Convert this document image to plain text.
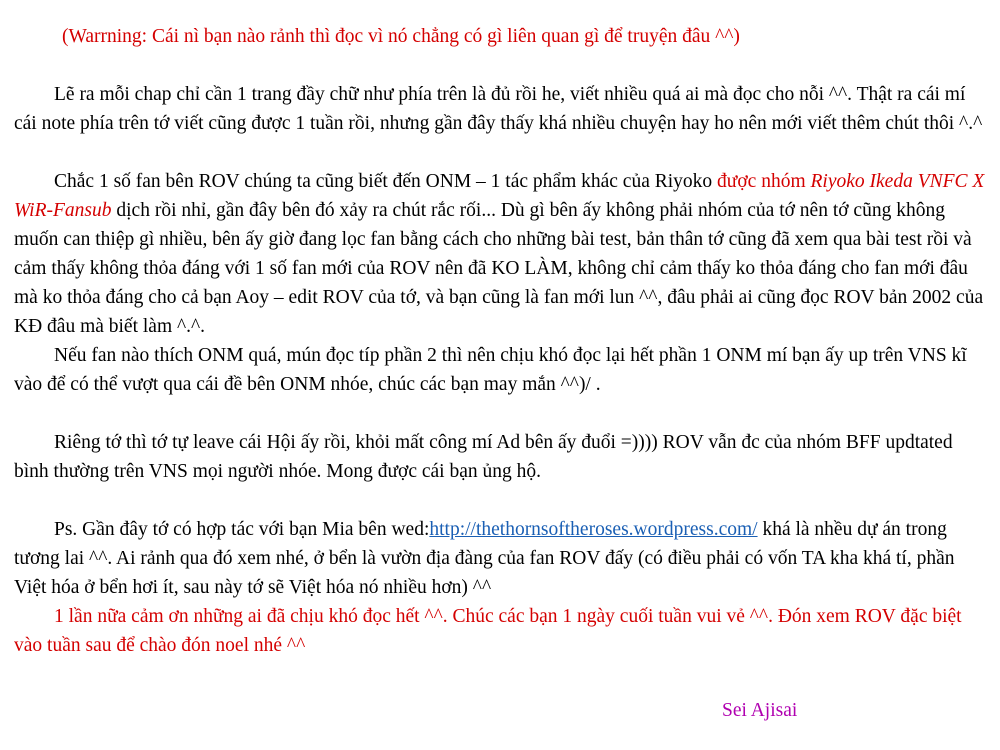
(Warrning: Cái nì bạn nào rảnh thì đọc vì nó chẳng có gì liên quan gì để truyện đâu ^^)

Lẽ ra mỗi chap chỉ cần 1 trang đầy chữ như phía trên là đủ rồi he, viết nhiều quá ai mà đọc cho nỗi ^^. Thật ra cái mí cái note phía trên tớ viết cũng được 1 tuần rồi, nhưng gần đây thấy khá nhiều chuyện hay ho nên mới viết thêm chút thôi ^.^

Chắc 1 số fan bên ROV chúng ta cũng biết đến ONM – 1 tác phẩm khác của Riyoko được nhóm Riyoko Ikeda VNFC X WiR-Fansub dịch rồi nhỉ, gần đây bên đó xảy ra chút rắc rối... Dù gì bên ấy không phải nhóm của tớ nên tớ cũng không muốn can thiệp gì nhiều, bên ấy giờ đang lọc fan bằng cách cho những bài test, bản thân tớ cũng đã xem qua bài test rồi và cảm thấy không thỏa đáng với 1 số fan mới của ROV nên đã KO LÀM, không chỉ cảm thấy ko thỏa đáng cho fan mới đâu mà ko thỏa đáng cho cả bạn Aoy – edit ROV của tớ, và bạn cũng là fan mới lun ^^, đâu phải ai cũng đọc ROV bản 2002 của KĐ đâu mà biết làm ^.^.

Nếu fan nào thích ONM quá, mún đọc típ phần 2 thì nên chịu khó đọc lại hết phần 1 ONM mí bạn ấy up trên VNS kĩ vào để có thể vượt qua cái đề bên ONM nhóe, chúc các bạn may mắn ^^)/ .

Riêng tớ thì tớ tự leave cái Hội ấy rồi, khỏi mất công mí Ad bên ấy đuổi =)))) ROV vẫn đc của nhóm BFF updtated bình thường trên VNS mọi người nhóe. Mong được cái bạn ủng hộ.

Ps. Gần đây tớ có hợp tác với bạn Mia bên wed:http://thethornsoftheroses.wordpress.com/ khá là nhều dự án trong tương lai ^^. Ai rảnh qua đó xem nhé, ở bển là vườn địa đàng của fan ROV đấy (có điều phải có vốn TA kha khá tí, phần Việt hóa ở bển hơi ít, sau này tớ sẽ Việt hóa nó nhiều hơn) ^^

1 lần nữa cảm ơn những ai đã chịu khó đọc hết ^^. Chúc các bạn 1 ngày cuối tuần vui vẻ ^^. Đón xem ROV đặc biệt vào tuần sau để chào đón noel nhé ^^

Sei Ajisai
